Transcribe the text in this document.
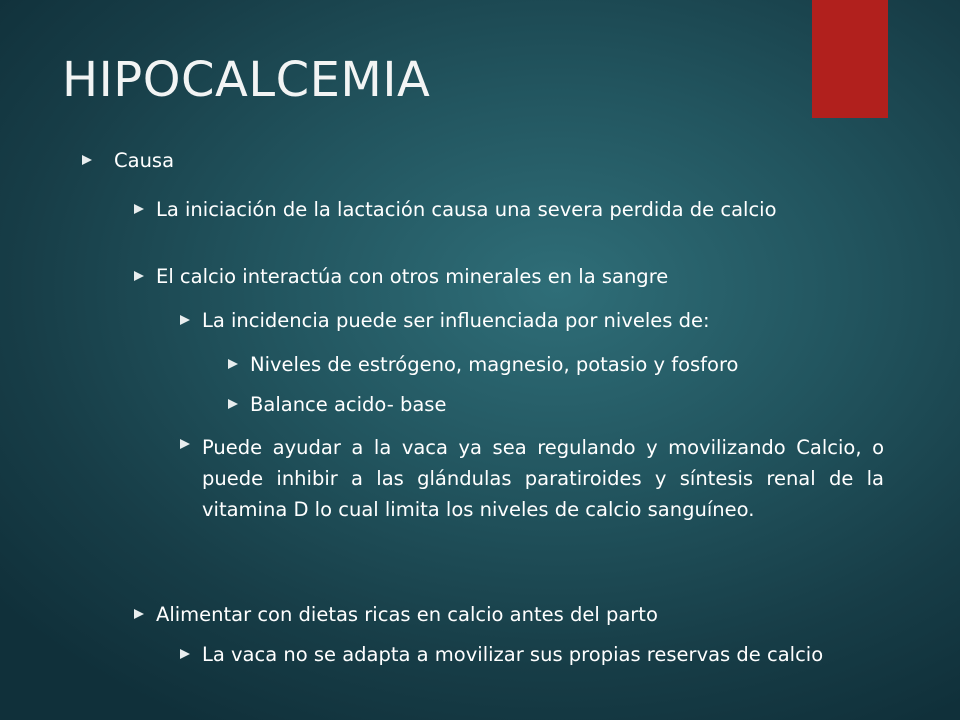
HIPOCALCEMIA
Causa
La iniciación de la lactación causa una severa perdida de calcio
El calcio interactúa con otros minerales en la sangre
La incidencia puede ser influenciada por niveles de:
Niveles de estrógeno, magnesio, potasio y fosforo
Balance acido- base
Puede ayudar a la vaca ya sea regulando y movilizando Calcio, o puede inhibir a las glándulas paratiroides y síntesis renal de la vitamina D lo cual limita los niveles de calcio sanguíneo.
Alimentar con dietas ricas en calcio antes del parto
La vaca no se adapta a movilizar sus propias reservas de calcio
